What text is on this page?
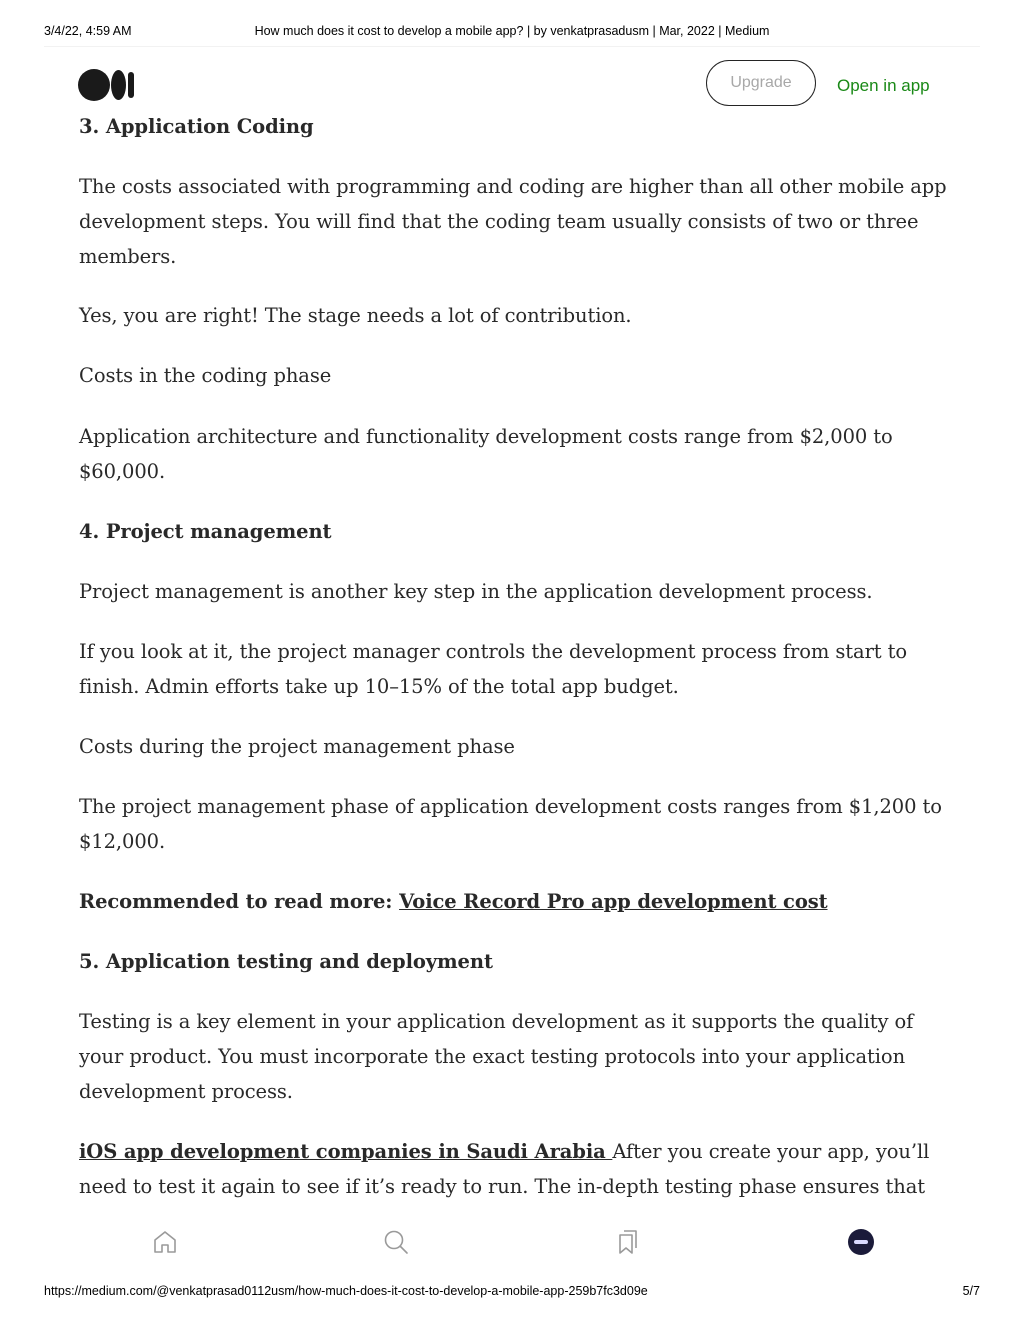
3/4/22, 4:59 AM	How much does it cost to develop a mobile app? | by venkatprasadusm | Mar, 2022 | Medium
Upgrade	Open in app

3. Application Coding

The costs associated with programming and coding are higher than all other mobile app development steps. You will find that the coding team usually consists of two or three members.

Yes, you are right! The stage needs a lot of contribution.

Costs in the coding phase

Application architecture and functionality development costs range from $2,000 to $60,000.

4. Project management

Project management is another key step in the application development process.

If you look at it, the project manager controls the development process from start to finish. Admin efforts take up 10–15% of the total app budget.

Costs during the project management phase

The project management phase of application development costs ranges from $1,200 to $12,000.

Recommended to read more: Voice Record Pro app development cost

5. Application testing and deployment

Testing is a key element in your application development as it supports the quality of your product. You must incorporate the exact testing protocols into your application development process.

iOS app development companies in Saudi Arabia After you create your app, you’ll need to test it again to see if it’s ready to run. The in-depth testing phase ensures that

https://medium.com/@venkatprasad0112usm/how-much-does-it-cost-to-develop-a-mobile-app-259b7fc3d09e	5/7
